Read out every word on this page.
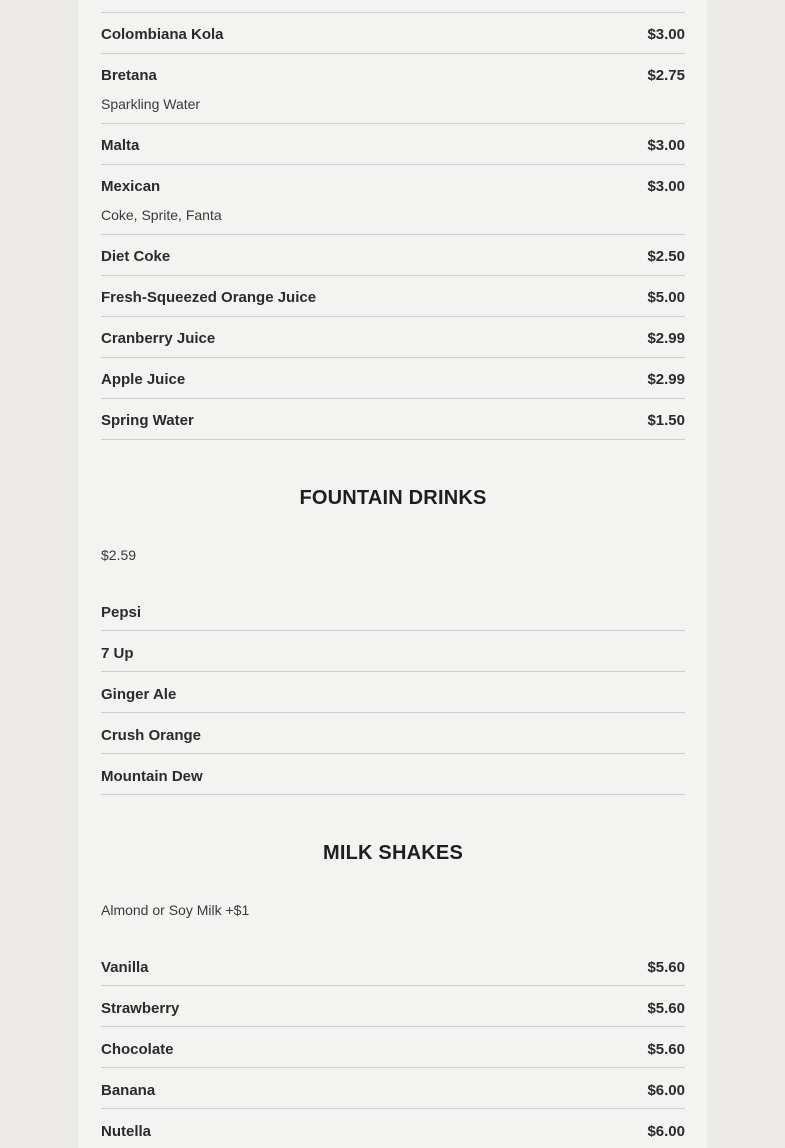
Colombiana Kola	$3.00
Bretana	$2.75
Sparkling Water
Malta	$3.00
Mexican	$3.00
Coke, Sprite, Fanta
Diet Coke	$2.50
Fresh-Squeezed Orange Juice	$5.00
Cranberry Juice	$2.99
Apple Juice	$2.99
Spring Water	$1.50
FOUNTAIN DRINKS
$2.59
Pepsi
7 Up
Ginger Ale
Crush Orange
Mountain Dew
MILK SHAKES
Almond or Soy Milk +$1
Vanilla	$5.60
Strawberry	$5.60
Chocolate	$5.60
Banana	$6.00
Nutella	$6.00
